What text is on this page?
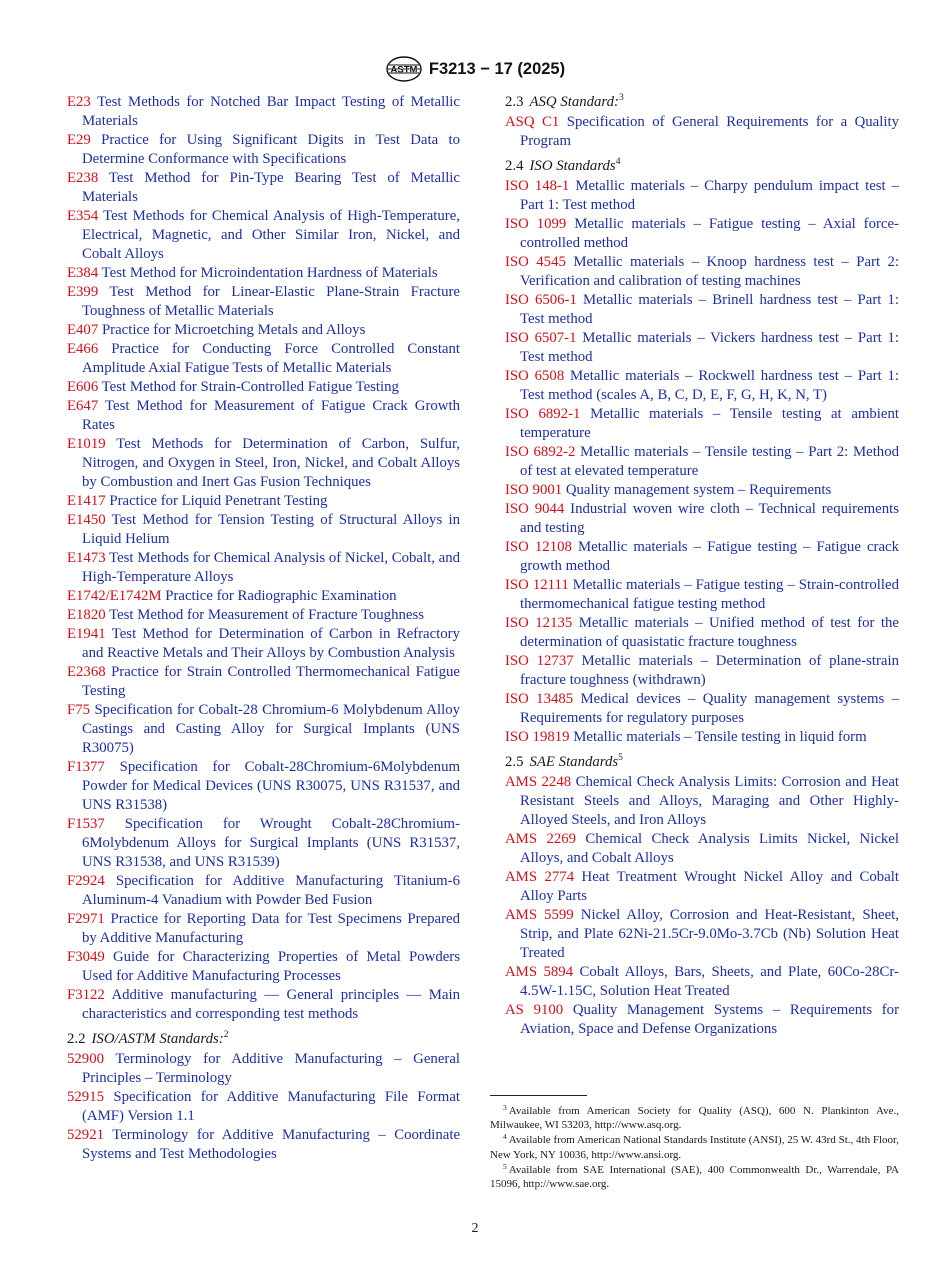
ASTM F3213 − 17 (2025)
E23 Test Methods for Notched Bar Impact Testing of Metallic Materials
E29 Practice for Using Significant Digits in Test Data to Determine Conformance with Specifications
E238 Test Method for Pin-Type Bearing Test of Metallic Materials
E354 Test Methods for Chemical Analysis of High-Temperature, Electrical, Magnetic, and Other Similar Iron, Nickel, and Cobalt Alloys
E384 Test Method for Microindentation Hardness of Materials
E399 Test Method for Linear-Elastic Plane-Strain Fracture Toughness of Metallic Materials
E407 Practice for Microetching Metals and Alloys
E466 Practice for Conducting Force Controlled Constant Amplitude Axial Fatigue Tests of Metallic Materials
E606 Test Method for Strain-Controlled Fatigue Testing
E647 Test Method for Measurement of Fatigue Crack Growth Rates
E1019 Test Methods for Determination of Carbon, Sulfur, Nitrogen, and Oxygen in Steel, Iron, Nickel, and Cobalt Alloys by Combustion and Inert Gas Fusion Techniques
E1417 Practice for Liquid Penetrant Testing
E1450 Test Method for Tension Testing of Structural Alloys in Liquid Helium
E1473 Test Methods for Chemical Analysis of Nickel, Cobalt, and High-Temperature Alloys
E1742/E1742M Practice for Radiographic Examination
E1820 Test Method for Measurement of Fracture Toughness
E1941 Test Method for Determination of Carbon in Refractory and Reactive Metals and Their Alloys by Combustion Analysis
E2368 Practice for Strain Controlled Thermomechanical Fatigue Testing
F75 Specification for Cobalt-28 Chromium-6 Molybdenum Alloy Castings and Casting Alloy for Surgical Implants (UNS R30075)
F1377 Specification for Cobalt-28Chromium-6Molybdenum Powder for Medical Devices (UNS R30075, UNS R31537, and UNS R31538)
F1537 Specification for Wrought Cobalt-28Chromium-6Molybdenum Alloys for Surgical Implants (UNS R31537, UNS R31538, and UNS R31539)
F2924 Specification for Additive Manufacturing Titanium-6 Aluminum-4 Vanadium with Powder Bed Fusion
F2971 Practice for Reporting Data for Test Specimens Prepared by Additive Manufacturing
F3049 Guide for Characterizing Properties of Metal Powders Used for Additive Manufacturing Processes
F3122 Additive manufacturing — General principles — Main characteristics and corresponding test methods
2.2 ISO/ASTM Standards:$^2$
52900 Terminology for Additive Manufacturing – General Principles – Terminology
52915 Specification for Additive Manufacturing File Format (AMF) Version 1.1
52921 Terminology for Additive Manufacturing – Coordinate Systems and Test Methodologies
2.3 ASQ Standard:$^3$
ASQ C1 Specification of General Requirements for a Quality Program
2.4 ISO Standards$^4$
ISO 148-1 Metallic materials – Charpy pendulum impact test – Part 1: Test method
ISO 1099 Metallic materials – Fatigue testing – Axial force-controlled method
ISO 4545 Metallic materials – Knoop hardness test – Part 2: Verification and calibration of testing machines
ISO 6506-1 Metallic materials – Brinell hardness test – Part 1: Test method
ISO 6507-1 Metallic materials – Vickers hardness test – Part 1: Test method
ISO 6508 Metallic materials – Rockwell hardness test – Part 1: Test method (scales A, B, C, D, E, F, G, H, K, N, T)
ISO 6892-1 Metallic materials – Tensile testing at ambient temperature
ISO 6892-2 Metallic materials – Tensile testing – Part 2: Method of test at elevated temperature
ISO 9001 Quality management system – Requirements
ISO 9044 Industrial woven wire cloth – Technical requirements and testing
ISO 12108 Metallic materials – Fatigue testing – Fatigue crack growth method
ISO 12111 Metallic materials – Fatigue testing – Strain-controlled thermomechanical fatigue testing method
ISO 12135 Metallic materials – Unified method of test for the determination of quasistatic fracture toughness
ISO 12737 Metallic materials – Determination of plane-strain fracture toughness (withdrawn)
ISO 13485 Medical devices – Quality management systems – Requirements for regulatory purposes
ISO 19819 Metallic materials – Tensile testing in liquid form
2.5 SAE Standards$^5$
AMS 2248 Chemical Check Analysis Limits: Corrosion and Heat Resistant Steels and Alloys, Maraging and Other Highly-Alloyed Steels, and Iron Alloys
AMS 2269 Chemical Check Analysis Limits Nickel, Nickel Alloys, and Cobalt Alloys
AMS 2774 Heat Treatment Wrought Nickel Alloy and Cobalt Alloy Parts
AMS 5599 Nickel Alloy, Corrosion and Heat-Resistant, Sheet, Strip, and Plate 62Ni-21.5Cr-9.0Mo-3.7Cb (Nb) Solution Heat Treated
AMS 5894 Cobalt Alloys, Bars, Sheets, and Plate, 60Co-28Cr-4.5W-1.15C, Solution Heat Treated
AS 9100 Quality Management Systems – Requirements for Aviation, Space and Defense Organizations
$^3$ Available from American Society for Quality (ASQ), 600 N. Plankinton Ave., Milwaukee, WI 53203, http://www.asq.org.
$^4$ Available from American National Standards Institute (ANSI), 25 W. 43rd St., 4th Floor, New York, NY 10036, http://www.ansi.org.
$^5$ Available from SAE International (SAE), 400 Commonwealth Dr., Warrendale, PA 15096, http://www.sae.org.
2
